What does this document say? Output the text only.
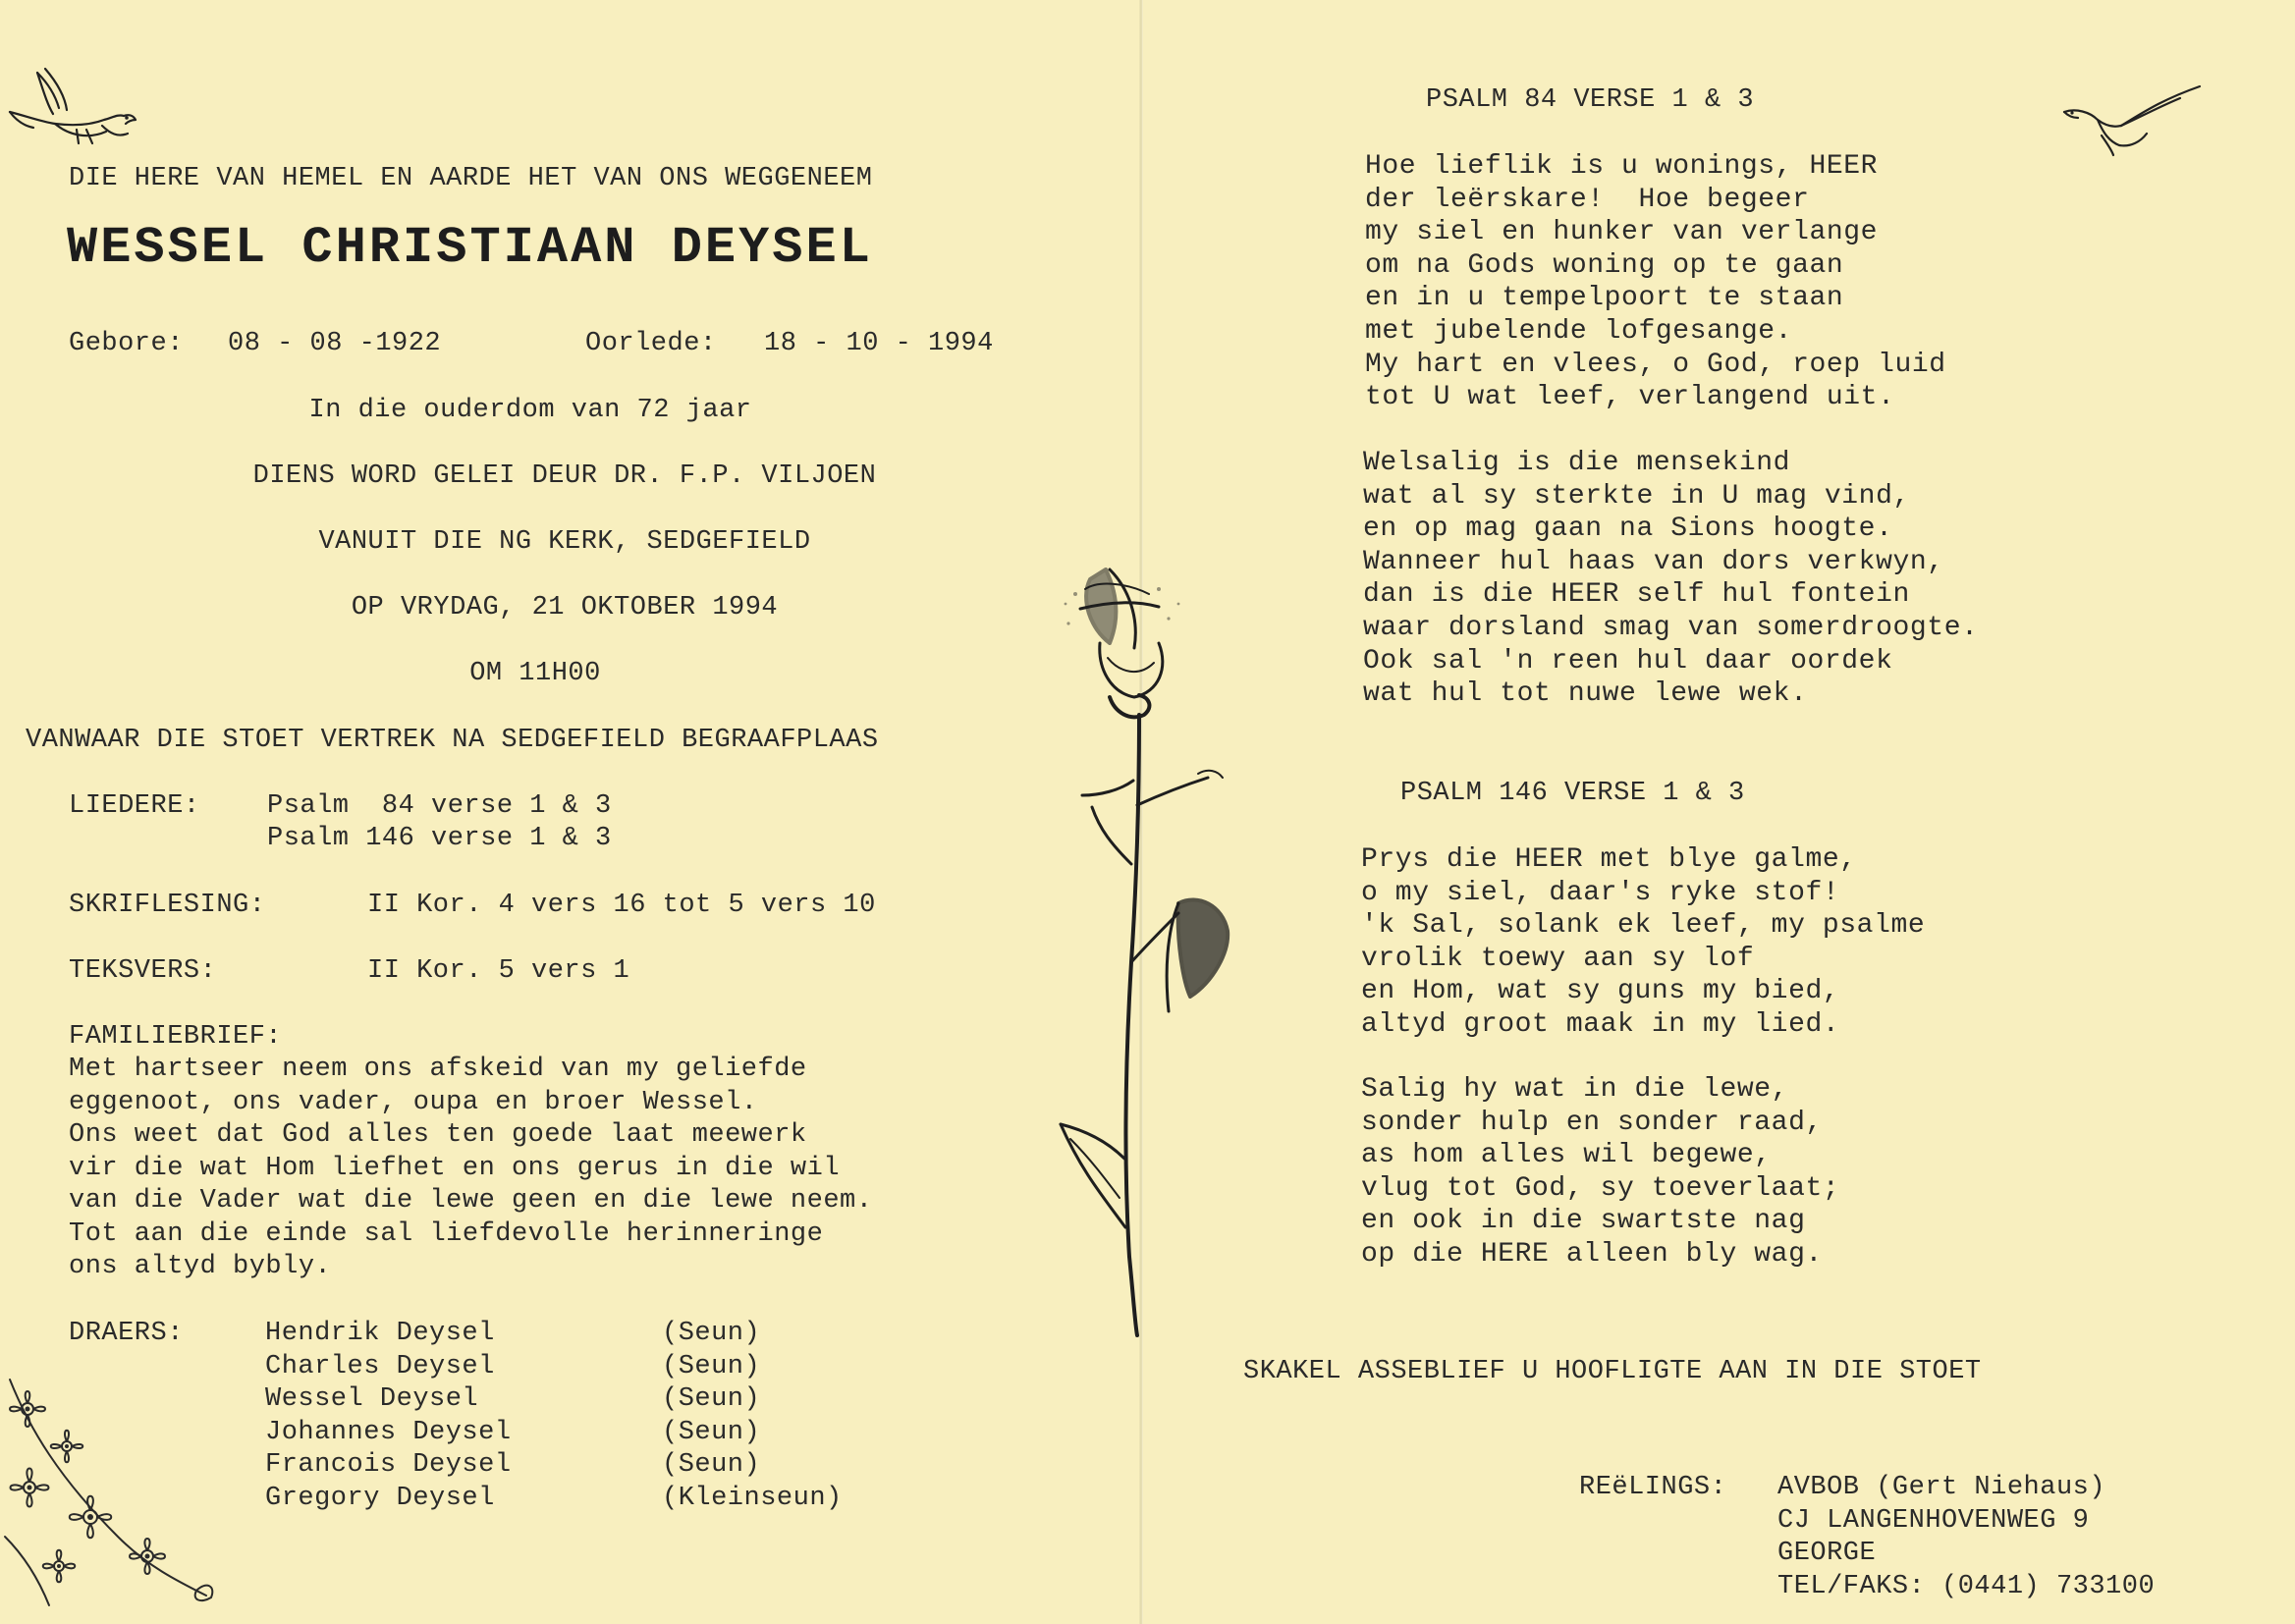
DIE HERE VAN HEMEL EN AARDE HET VAN ONS WEGGENEEM
WESSEL CHRISTIAAN DEYSEL
Gebore: 08 - 08 -1922	Oorlede: 18 - 10 - 1994
In die ouderdom van 72 jaar
DIENS WORD GELEI DEUR DR. F.P. VILJOEN
VANUIT DIE NG KERK, SEDGEFIELD
OP VRYDAG, 21 OKTOBER 1994
OM 11H00
VANWAAR DIE STOET VERTREK NA SEDGEFIELD BEGRAAFPLAAS
LIEDERE:	Psalm  84 verse 1 & 3
Psalm 146 verse 1 & 3
SKRIFLESING:	II Kor. 4 vers 16 tot 5 vers 10
TEKSVERS:	II Kor. 5 vers 1
FAMILIEBRIEF:
Met hartseer neem ons afskeid van my geliefde
eggenoot, ons vader, oupa en broer Wessel.
Ons weet dat God alles ten goede laat meewerk
vir die wat Hom liefhet en ons gerus in die wil
van die Vader wat die lewe geen en die lewe neem.
Tot aan die einde sal liefdevolle herinneringe
ons altyd bybly.
DRAERS:	Hendrik Deysel	(Seun)
Charles Deysel	(Seun)
Wessel Deysel	(Seun)
Johannes Deysel	(Seun)
Francois Deysel	(Seun)
Gregory Deysel	(Kleinseun)
PSALM 84 VERSE 1 & 3
Hoe lieflik is u wonings, HEER
der leërskare!  Hoe begeer
my siel en hunker van verlange
om na Gods woning op te gaan
en in u tempelpoort te staan
met jubelende lofgesange.
My hart en vlees, o God, roep luid
tot U wat leef, verlangend uit.
Welsalig is die mensekind
wat al sy sterkte in U mag vind,
en op mag gaan na Sions hoogte.
Wanneer hul haas van dors verkwyn,
dan is die HEER self hul fontein
waar dorsland smag van somerdroogte.
Ook sal 'n reen hul daar oordek
wat hul tot nuwe lewe wek.
PSALM 146 VERSE 1 & 3
Prys die HEER met blye galme,
o my siel, daar's ryke stof!
'k Sal, solank ek leef, my psalme
vrolik toewy aan sy lof
en Hom, wat sy guns my bied,
altyd groot maak in my lied.
Salig hy wat in die lewe,
sonder hulp en sonder raad,
as hom alles wil begewe,
vlug tot God, sy toeverlaat;
en ook in die swartste nag
op die HERE alleen bly wag.
SKAKEL ASSEBLIEF U HOOFLIGTE AAN IN DIE STOET
REëLINGS: AVBOB (Gert Niehaus)
CJ LANGENHOVENWEG 9
GEORGE
TEL/FAKS: (0441) 733100
